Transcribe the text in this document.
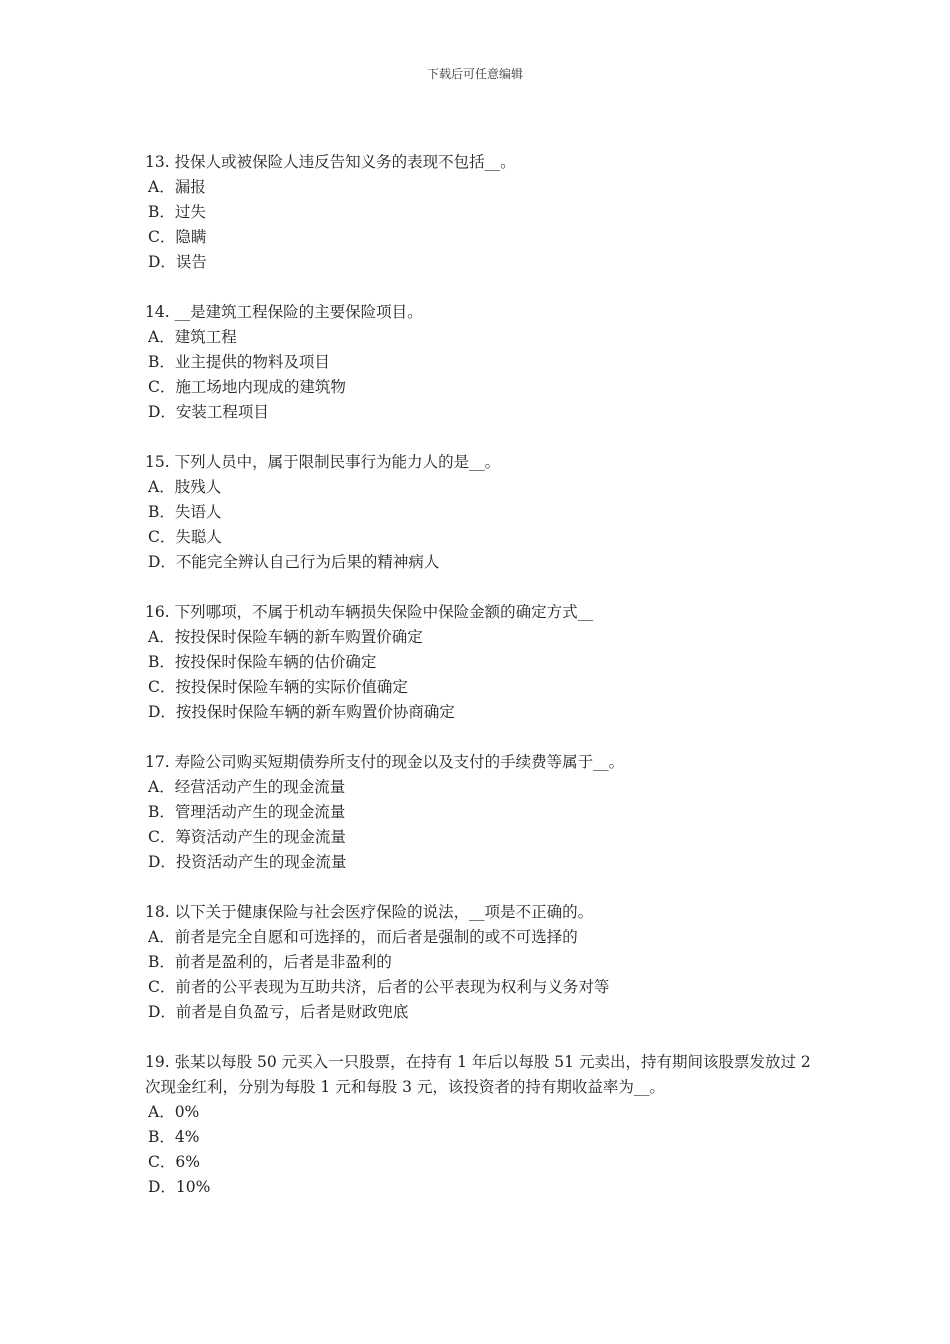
下载后可任意编辑
13. 投保人或被保险人违反告知义务的表现不包括__。
A．漏报
B．过失
C．隐瞒
D．误告
14. __是建筑工程保险的主要保险项目。
A．建筑工程
B．业主提供的物料及项目
C．施工场地内现成的建筑物
D．安装工程项目
15. 下列人员中，属于限制民事行为能力人的是__。
A．肢残人
B．失语人
C．失聪人
D．不能完全辨认自己行为后果的精神病人
16. 下列哪项，不属于机动车辆损失保险中保险金额的确定方式__
A．按投保时保险车辆的新车购置价确定
B．按投保时保险车辆的估价确定
C．按投保时保险车辆的实际价值确定
D．按投保时保险车辆的新车购置价协商确定
17. 寿险公司购买短期债券所支付的现金以及支付的手续费等属于__。
A．经营活动产生的现金流量
B．管理活动产生的现金流量
C．筹资活动产生的现金流量
D．投资活动产生的现金流量
18. 以下关于健康保险与社会医疗保险的说法，__项是不正确的。
A．前者是完全自愿和可选择的，而后者是强制的或不可选择的
B．前者是盈利的，后者是非盈利的
C．前者的公平表现为互助共济，后者的公平表现为权利与义务对等
D．前者是自负盈亏，后者是财政兜底
19. 张某以每股 50 元买入一只股票，在持有 1 年后以每股 51 元卖出，持有期间该股票发放过 2 次现金红利，分别为每股 1 元和每股 3 元，该投资者的持有期收益率为__。
A．0%
B．4%
C．6%
D．10%
